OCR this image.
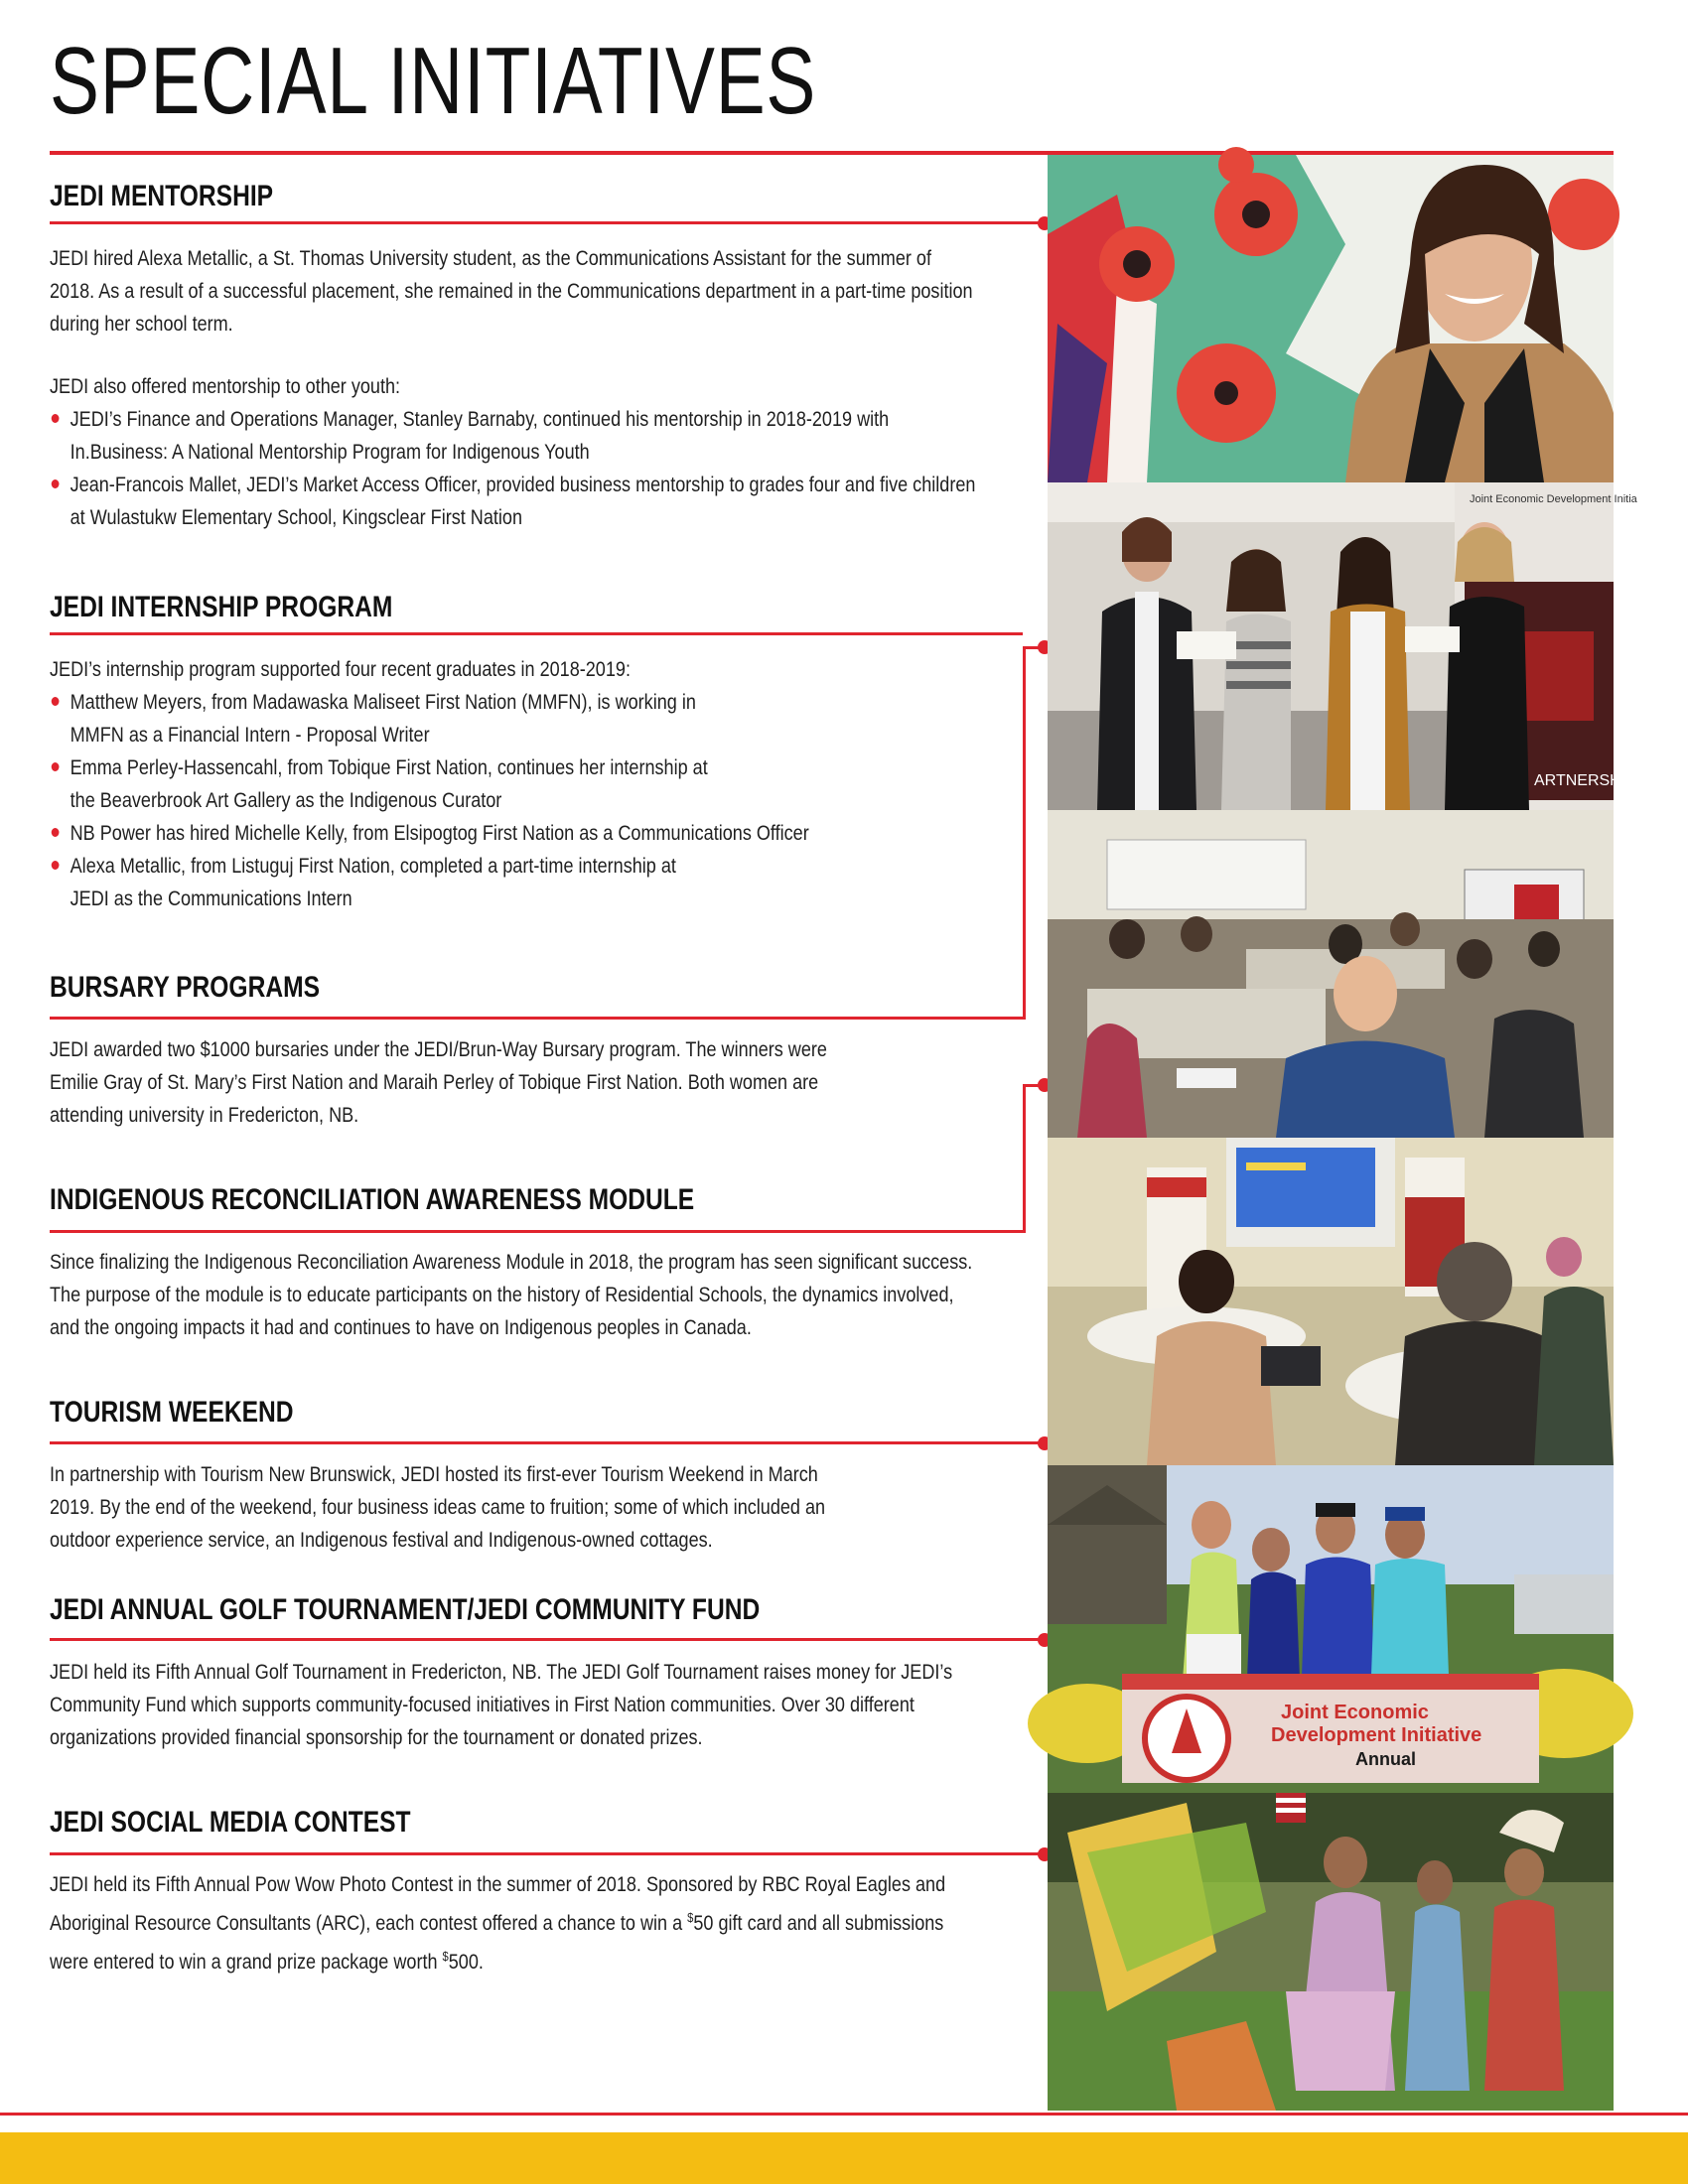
SPECIAL INITIATIVES
JEDI MENTORSHIP

JEDI hired Alexa Metallic, a St. Thomas University student, as the Communications Assistant for the summer of 2018. As a result of a successful placement, she remained in the Communications department in a part-time position during her school term.

JEDI also offered mentorship to other youth:

JEDI’s Finance and Operations Manager, Stanley Barnaby, continued his mentorship in 2018-2019 with In.Business: A National Mentorship Program for Indigenous Youth
Jean-Francois Mallet, JEDI’s Market Access Officer, provided business mentorship to grades four and five children at Wulastukw Elementary School, Kingsclear First Nation
JEDI INTERNSHIP PROGRAM

JEDI’s internship program supported four recent graduates in 2018-2019:

Matthew Meyers, from Madawaska Maliseet First Nation (MMFN), is working in MMFN as a Financial Intern - Proposal Writer
Emma Perley-Hassencahl, from Tobique First Nation, continues her internship at the Beaverbrook Art Gallery as the Indigenous Curator
NB Power has hired Michelle Kelly, from Elsipogtog First Nation as a Communications Officer
Alexa Metallic, from Listuguj First Nation, completed a part-time internship at JEDI as the Communications Intern
BURSARY PROGRAMS

JEDI awarded two $1000 bursaries under the JEDI/Brun-Way Bursary program. The winners were Emilie Gray of St. Mary’s First Nation and Maraih Perley of Tobique First Nation. Both women are attending university in Fredericton, NB.

INDIGENOUS RECONCILIATION AWARENESS MODULE

Since finalizing the Indigenous Reconciliation Awareness Module in 2018, the program has seen significant success. The purpose of the module is to educate participants on the history of Residential Schools, the dynamics involved, and the ongoing impacts it had and continues to have on Indigenous peoples in Canada.

TOURISM WEEKEND

In partnership with Tourism New Brunswick, JEDI hosted its first-ever Tourism Weekend in March 2019. By the end of the weekend, four business ideas came to fruition; some of which included an outdoor experience service, an Indigenous festival and Indigenous-owned cottages.

JEDI ANNUAL GOLF TOURNAMENT/JEDI COMMUNITY FUND

JEDI held its Fifth Annual Golf Tournament in Fredericton, NB. The JEDI Golf Tournament raises money for JEDI’s Community Fund which supports community-focused initiatives in First Nation communities. Over 30 different organizations provided financial sponsorship for the tournament or donated prizes.

JEDI SOCIAL MEDIA CONTEST

JEDI held its Fifth Annual Pow Wow Photo Contest in the summer of 2018. Sponsored by RBC Royal Eagles and Aboriginal Resource Consultants (ARC), each contest offered a chance to win a $50 gift card and all submissions were entered to win a grand prize package worth $500.

Joint Economic Development Initia
ARTNERSH
Joint Economic
Development Initiative
Annual
